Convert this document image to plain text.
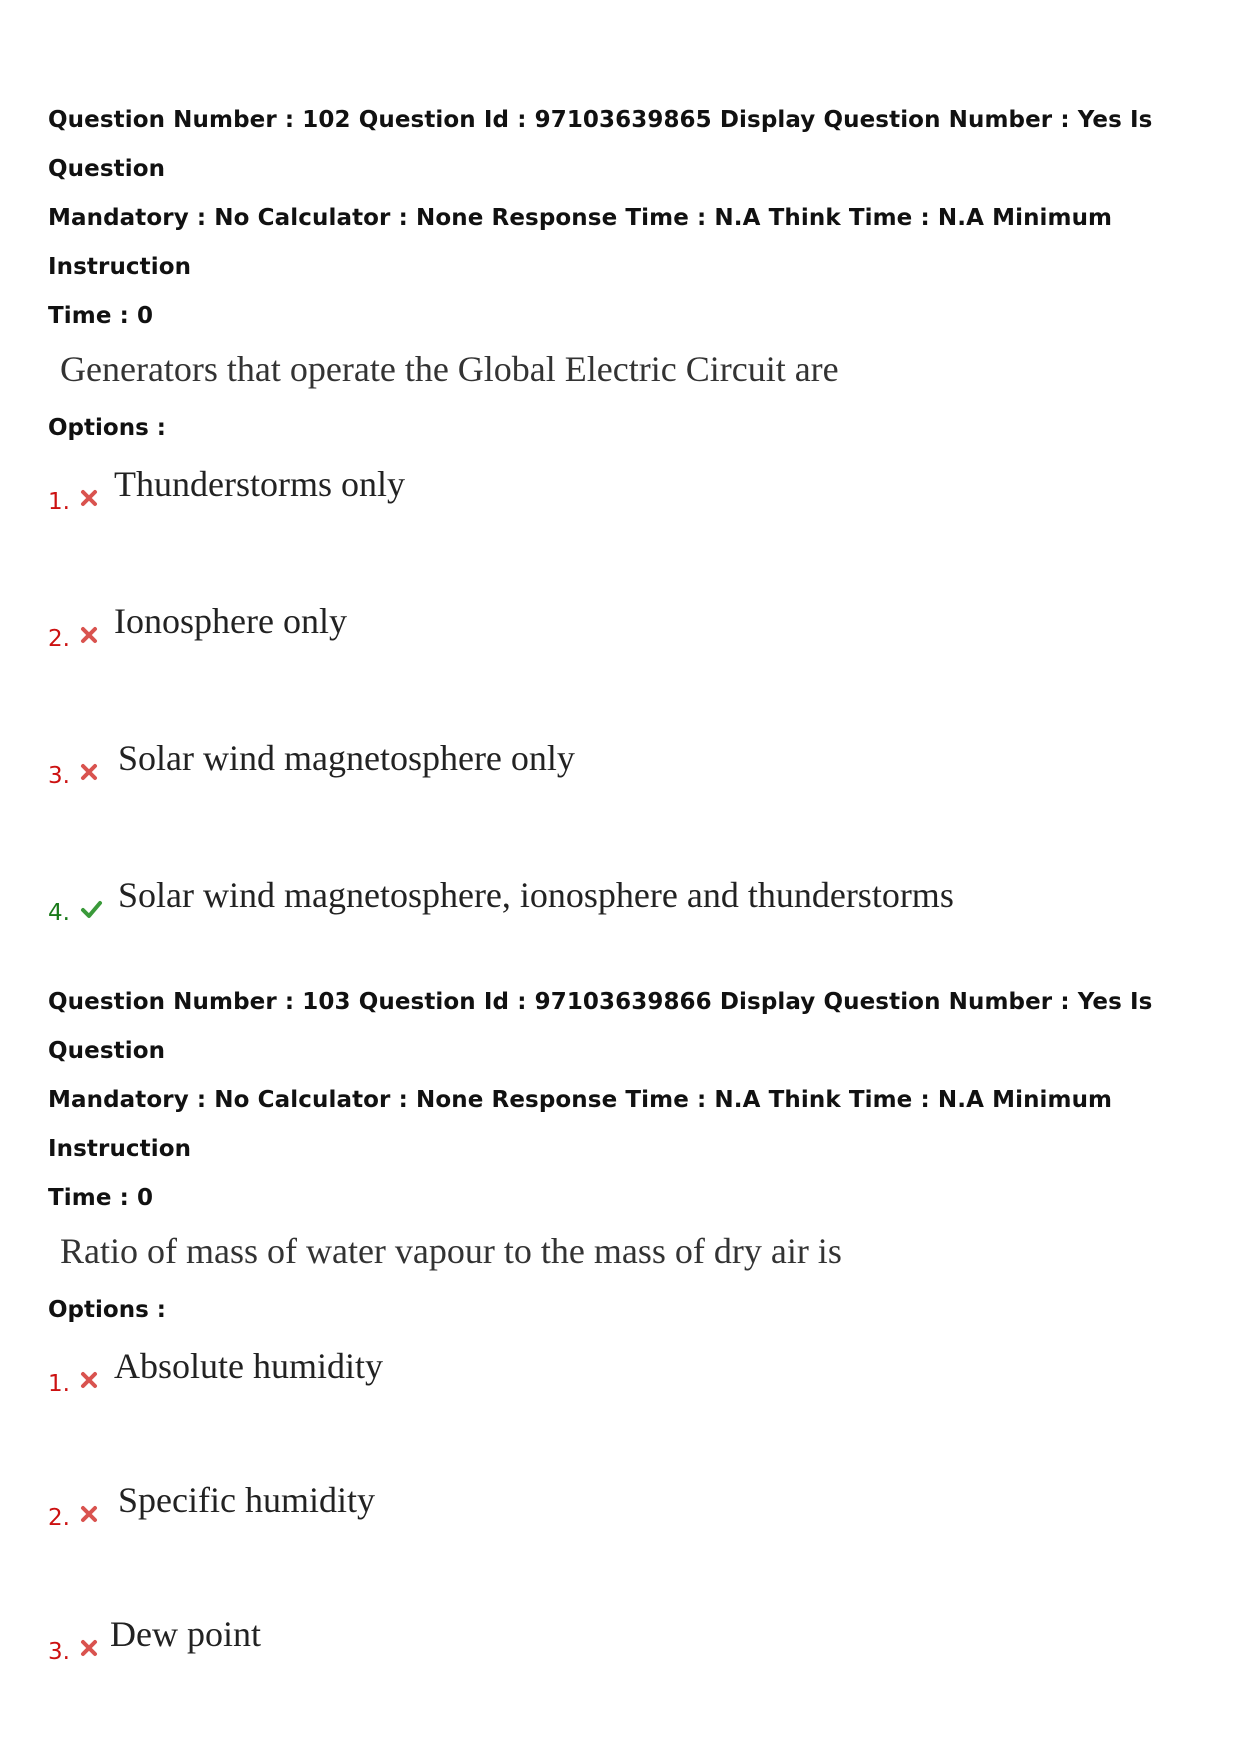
Question Number : 102 Question Id : 97103639865 Display Question Number : Yes Is Question

Mandatory : No Calculator : None Response Time : N.A Think Time : N.A Minimum Instruction

Time : 0

Generators that operate the Global Electric Circuit are
Options :
1. Thunderstorms only
2. Ionosphere only
3. Solar wind magnetosphere only
4. Solar wind magnetosphere, ionosphere and thunderstorms

Question Number : 103 Question Id : 97103639866 Display Question Number : Yes Is Question

Mandatory : No Calculator : None Response Time : N.A Think Time : N.A Minimum Instruction

Time : 0

Ratio of mass of water vapour to the mass of dry air is
Options :
1. Absolute humidity
2. Specific humidity
3. Dew point
